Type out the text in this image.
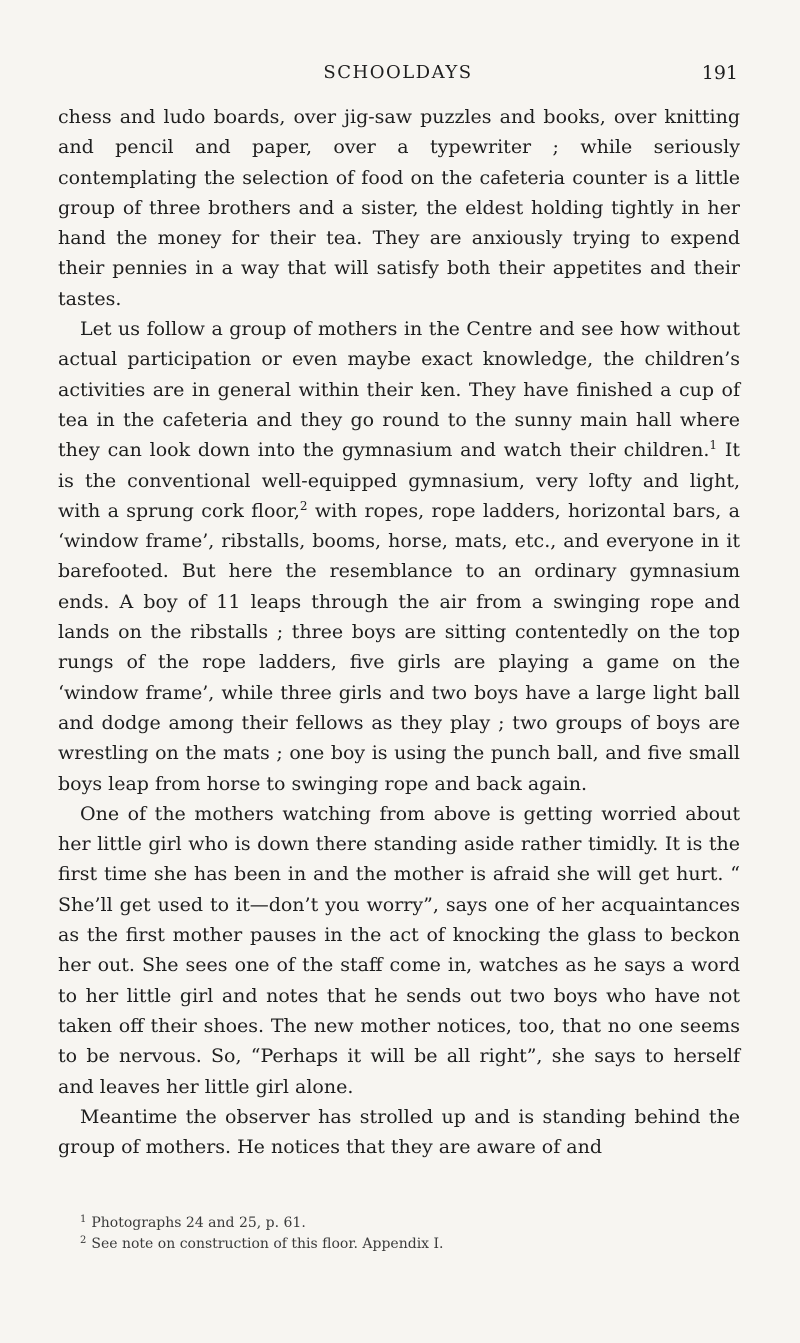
SCHOOLDAYS	191

chess and ludo boards, over jig-saw puzzles and books, over knitting and pencil and paper, over a typewriter ; while seriously contemplating the selection of food on the cafeteria counter is a little group of three brothers and a sister, the eldest holding tightly in her hand the money for their tea. They are anxiously trying to expend their pennies in a way that will satisfy both their appetites and their tastes.

Let us follow a group of mothers in the Centre and see how without actual participation or even maybe exact knowledge, the children’s activities are in general within their ken. They have finished a cup of tea in the cafeteria and they go round to the sunny main hall where they can look down into the gymnasium and watch their children.$^1$ It is the conventional well-equipped gymnasium, very lofty and light, with a sprung cork floor,$^2$ with ropes, rope ladders, horizontal bars, a ‘window frame’, ribstalls, booms, horse, mats, etc., and everyone in it barefooted. But here the resemblance to an ordinary gymnasium ends. A boy of 11 leaps through the air from a swinging rope and lands on the ribstalls ; three boys are sitting contentedly on the top rungs of the rope ladders, five girls are playing a game on the ‘window frame’, while three girls and two boys have a large light ball and dodge among their fellows as they play ; two groups of boys are wrestling on the mats ; one boy is using the punch ball, and five small boys leap from horse to swinging rope and back again.

One of the mothers watching from above is getting worried about her little girl who is down there standing aside rather timidly. It is the first time she has been in and the mother is afraid she will get hurt. “ She’ll get used to it—don’t you worry”, says one of her acquaintances as the first mother pauses in the act of knocking the glass to beckon her out. She sees one of the staff come in, watches as he says a word to her little girl and notes that he sends out two boys who have not taken off their shoes. The new mother notices, too, that no one seems to be nervous. So, “Perhaps it will be all right”, she says to herself and leaves her little girl alone.

Meantime the observer has strolled up and is standing behind the group of mothers. He notices that they are aware of and

$^1$ Photographs 24 and 25, p. 61.

$^2$ See note on construction of this floor. Appendix I.
